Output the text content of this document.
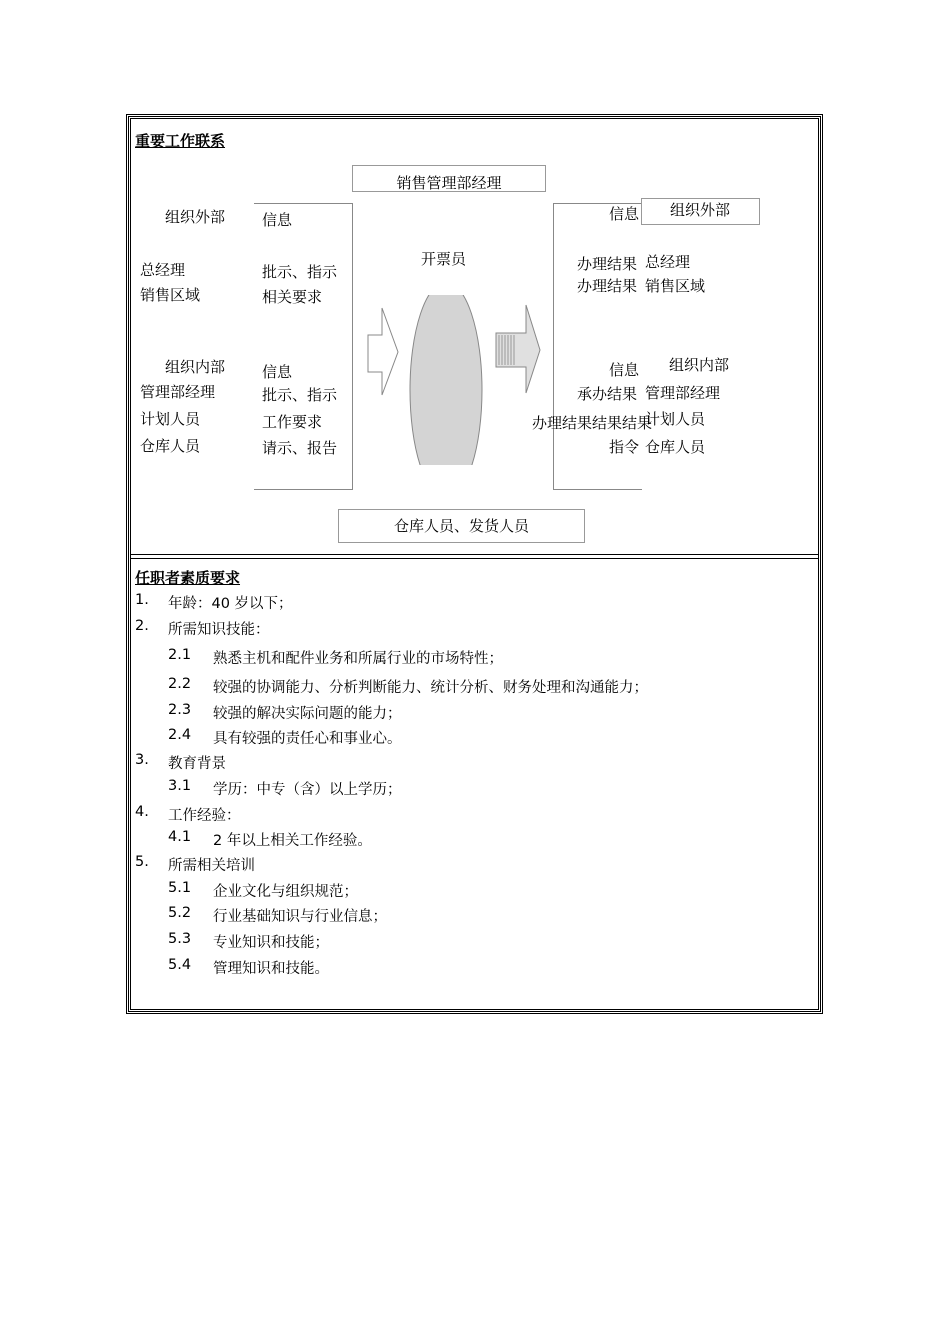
重要工作联系
销售管理部经理
组织外部
总经理
销售区域
组织内部
管理部经理
计划人员
仓库人员
信息
批示、指示
相关要求
信息
批示、指示
工作要求
请示、报告
开票员
信息
办理结果
办理结果
信息
承办结果
办理结果结果结果
指令
组织外部
总经理
销售区域
组织内部
管理部经理
计划人员
仓库人员
仓库人员、发货人员
任职者素质要求
1. 年龄：40 岁以下；
2. 所需知识技能：
2.1 熟悉主机和配件业务和所属行业的市场特性；
2.2 较强的协调能力、分析判断能力、统计分析、财务处理和沟通能力；
2.3 较强的解决实际问题的能力；
2.4 具有较强的责任心和事业心。
3. 教育背景
3.1 学历：中专（含）以上学历；
4. 工作经验：
4.1 2 年以上相关工作经验。
5. 所需相关培训
5.1 企业文化与组织规范；
5.2 行业基础知识与行业信息；
5.3 专业知识和技能；
5.4 管理知识和技能。
